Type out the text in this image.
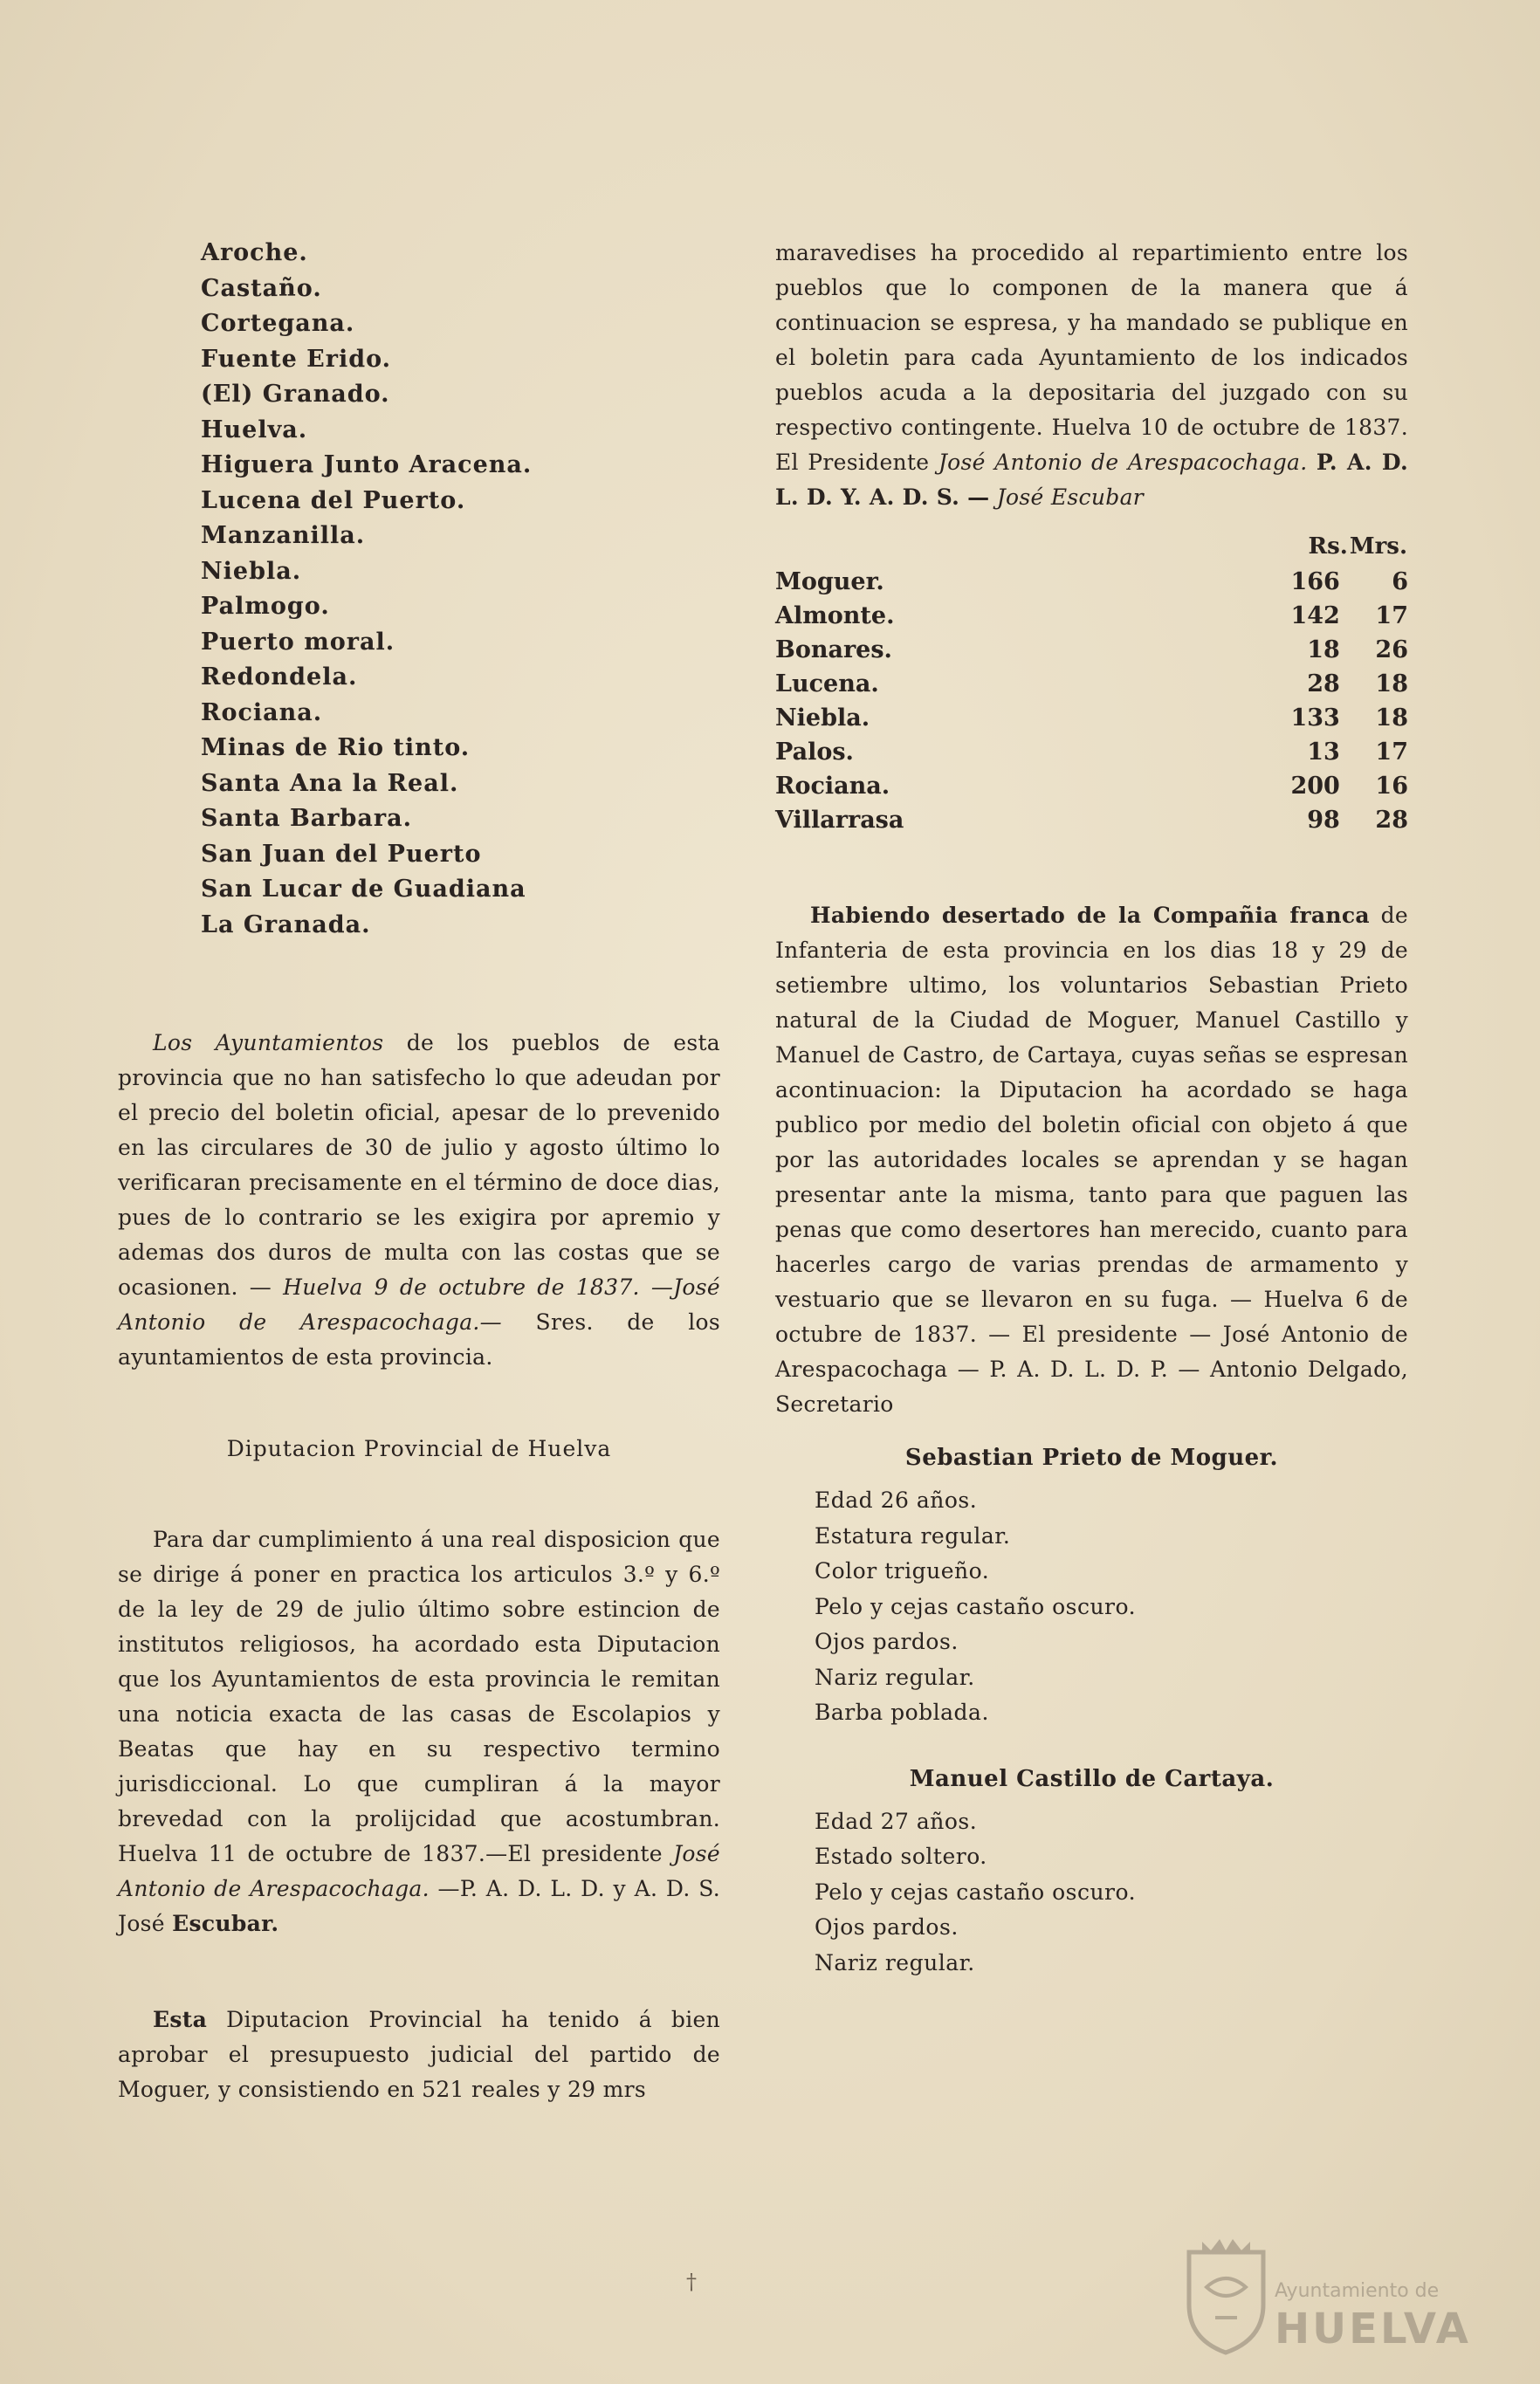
Aroche.
Castaño.
Cortegana.
Fuente Erido.
(El) Granado.
Huelva.
Higuera Junto Aracena.
Lucena del Puerto.
Manzanilla.
Niebla.
Palmogo.
Puerto moral.
Redondela.
Rociana.
Minas de Rio tinto.
Santa Ana la Real.
Santa Barbara.
San Juan del Puerto
San Lucar de Guadiana
La Granada.

Los Ayuntamientos de los pueblos de esta provincia que no han satisfecho lo que adeudan por el precio del boletin oficial, apesar de lo prevenido en las circulares de 30 de julio y agosto último lo verificaran precisamente en el término de doce dias, pues de lo contrario se les exigira por apremio y ademas dos duros de multa con las costas que se ocasionen. — Huelva 9 de octubre de 1837. —José Antonio de Arespacochaga.— Sres. de los ayuntamientos de esta provincia.

Diputacion Provincial de Huelva

Para dar cumplimiento á una real disposicion que se dirige á poner en practica los articulos 3.º y 6.º de la ley de 29 de julio último sobre estincion de institutos religiosos, ha acordado esta Diputacion que los Ayuntamientos de esta provincia le remitan una noticia exacta de las casas de Escolapios y Beatas que hay en su respectivo termino jurisdiccional. Lo que cumpliran á la mayor brevedad con la prolijcidad que acostumbran. Huelva 11 de octubre de 1837.—El presidente José Antonio de Arespacochaga. —P. A. D. L. D. y A. D. S. José Escubar.

Esta Diputacion Provincial ha tenido á bien aprobar el presupuesto judicial del partido de Moguer, y consistiendo en 521 reales y 29 mrs

maravedises ha procedido al repartimiento entre los pueblos que lo componen de la manera que á continuacion se espresa, y ha mandado se publique en el boletin para cada Ayuntamiento de los indicados pueblos acuda a la depositaria del juzgado con su respectivo contingente. Huelva 10 de octubre de 1837. El Presidente José Antonio de Arespacochaga. P. A. D. L. D. Y. A. D. S. — José Escubar

	Rs.	Mrs.
Moguer.	166	6
Almonte.	142	17
Bonares.	18	26
Lucena.	28	18
Niebla.	133	18
Palos.	13	17
Rociana.	200	16
Villarrasa	98	28

Habiendo desertado de la Compañia franca de Infanteria de esta provincia en los dias 18 y 29 de setiembre ultimo, los voluntarios Sebastian Prieto natural de la Ciudad de Moguer, Manuel Castillo y Manuel de Castro, de Cartaya, cuyas señas se espresan acontinuacion: la Diputacion ha acordado se haga publico por medio del boletin oficial con objeto á que por las autoridades locales se aprendan y se hagan presentar ante la misma, tanto para que paguen las penas que como desertores han merecido, cuanto para hacerles cargo de varias prendas de armamento y vestuario que se llevaron en su fuga. — Huelva 6 de octubre de 1837. — El presidente — José Antonio de Arespacochaga — P. A. D. L. D. P. — Antonio Delgado, Secretario

Sebastian Prieto de Moguer.

Edad 26 años.
Estatura regular.
Color trigueño.
Pelo y cejas castaño oscuro.
Ojos pardos.
Nariz regular.
Barba poblada.

Manuel Castillo de Cartaya.

Edad 27 años.
Estado soltero.
Pelo y cejas castaño oscuro.
Ojos pardos.
Nariz regular.
†	Ayuntamiento de
HUELVA
